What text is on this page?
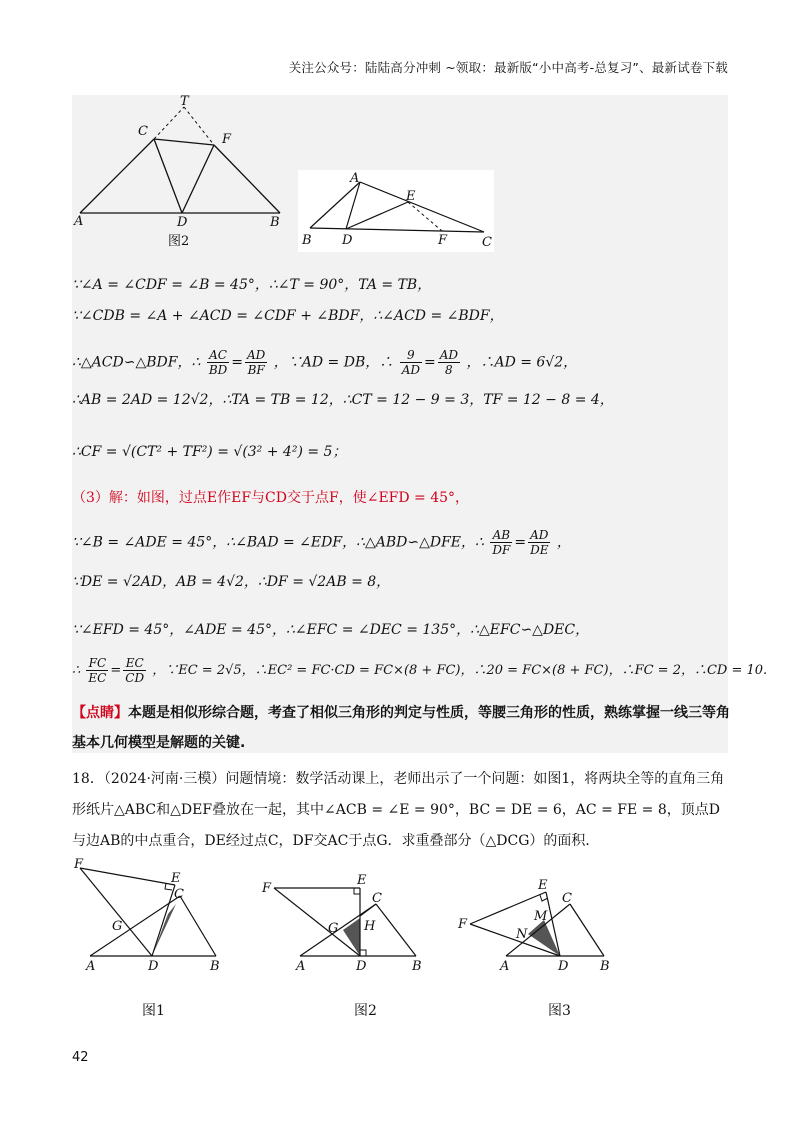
关注公众号：陆陆高分冲刺 ~领取：最新版“小中高考-总复习”、最新试卷下载
T
C
F
A	D	B
图2
A
E
B D	F	C
∵∠A = ∠CDF = ∠B = 45°，∴∠T = 90°，TA = TB，
∵∠CDB = ∠A + ∠ACD = ∠CDF + ∠BDF，∴∠ACD = ∠BDF，
∴△ACD∽△BDF，∴ $\frac{AC}{BD} = \frac{AD}{BF}$ ，∵AD = DB，∴ $\frac{9}{AD} = \frac{AD}{8}$ ，∴AD = 6√2，
∴AB = 2AD = 12√2，∴TA = TB = 12，∴CT = 12 − 9 = 3，TF = 12 − 8 = 4，
∴CF = √(CT² + TF²) = √(3² + 4²) = 5；
（3）解：如图，过点E作EF与CD交于点F，使∠EFD = 45°，
∵∠B = ∠ADE = 45°，∴∠BAD = ∠EDF，∴△ABD∽△DFE，∴ $\frac{AB}{DF} = \frac{AD}{DE}$ ，
∵DE = √2AD，AB = 4√2，∴DF = √2AB = 8，
∵∠EFD = 45°，∠ADE = 45°，∴∠EFC = ∠DEC = 135°，∴△EFC∽△DEC，
∴ $\frac{FC}{EC} = \frac{EC}{CD}$ ，∵EC = 2√5，∴EC² = FC·CD = FC×(8 + FC)，∴20 = FC×(8 + FC)，∴FC = 2，∴CD = 10.
【点睛】本题是相似形综合题，考查了相似三角形的判定与性质，等腰三角形的性质，熟练掌握一线三等角基本几何模型是解题的关键.
18．（2024·河南·三模）问题情境：数学活动课上，老师出示了一个问题：如图1，将两块全等的直角三角形纸片△ABC和△DEF叠放在一起，其中∠ACB = ∠E = 90°，BC = DE = 6，AC = FE = 8，顶点D与边AB的中点重合，DE经过点C，DF交AC于点G．求重叠部分（△DCG）的面积．
F
E
C
G
A	D	B
F
E
C
G H
A	D	B
E
C
M
F
N
A	D B
图1	图2	图3
42
